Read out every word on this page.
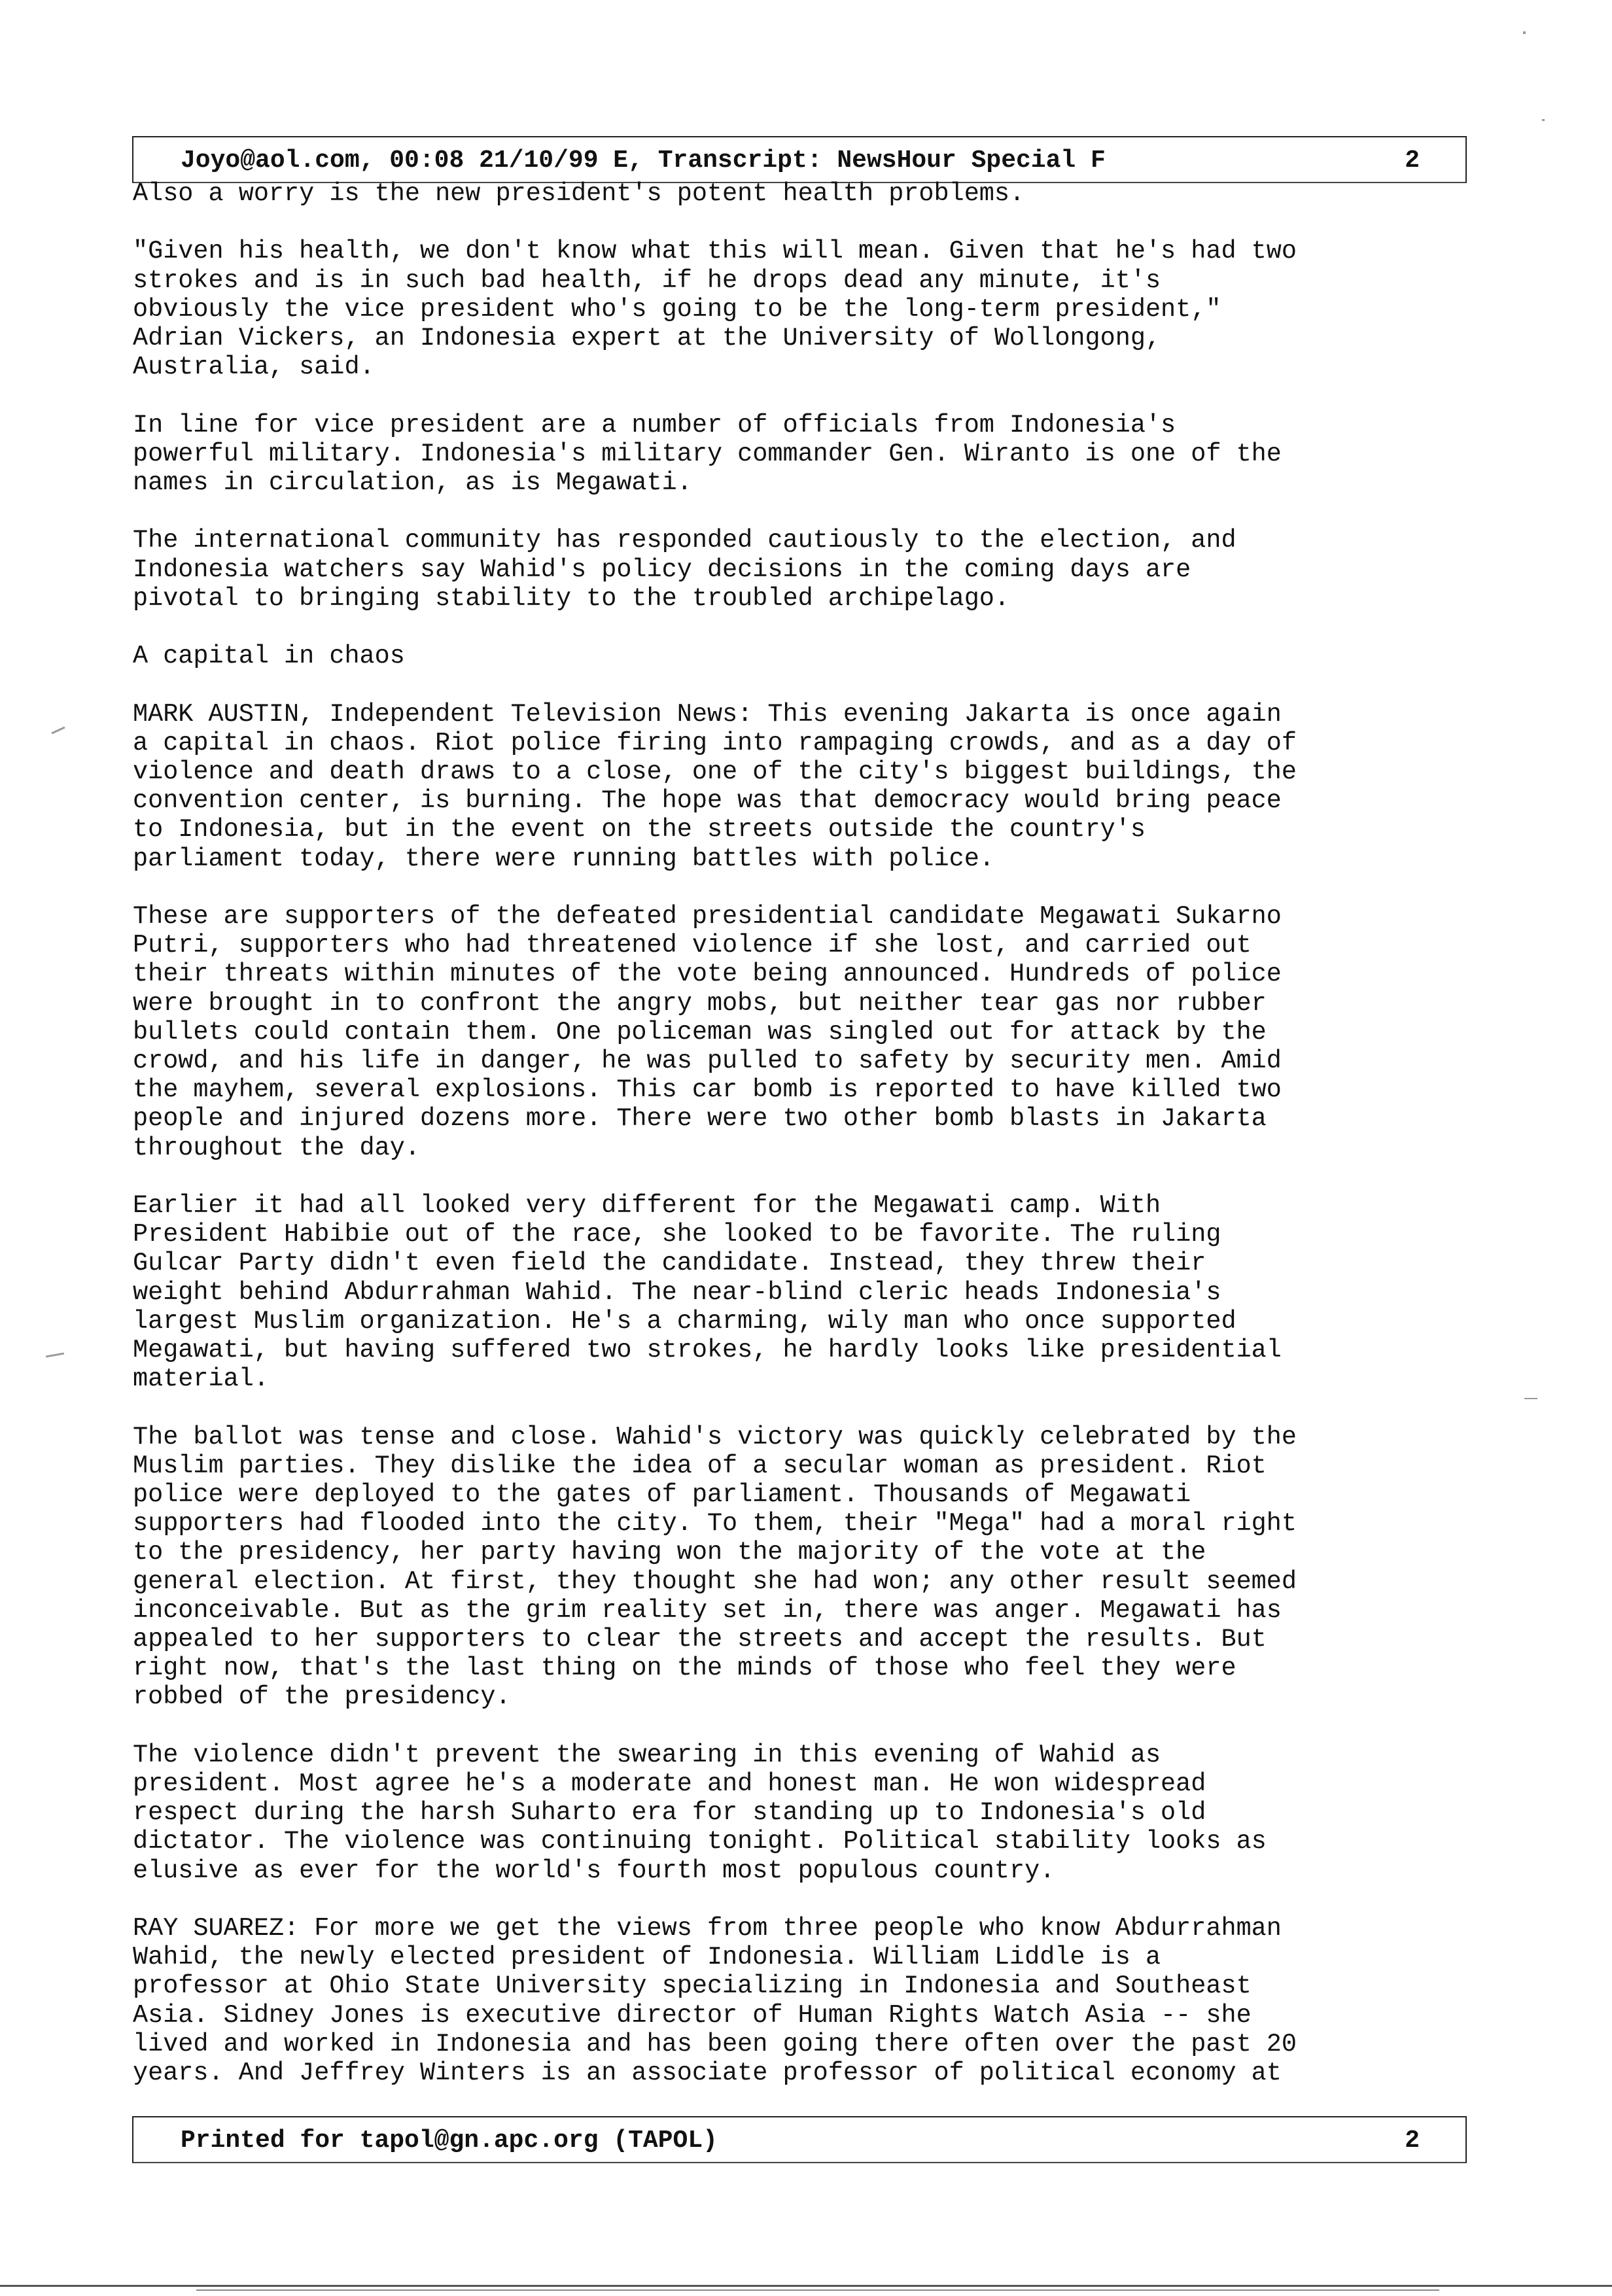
Joyo@aol.com, 00:08 21/10/99 E, Transcript: NewsHour Special F	2

Also a worry is the new president's potent health problems.

"Given his health, we don't know what this will mean. Given that he's had two
strokes and is in such bad health, if he drops dead any minute, it's
obviously the vice president who's going to be the long-term president,"
Adrian Vickers, an Indonesia expert at the University of Wollongong,
Australia, said.

In line for vice president are a number of officials from Indonesia's
powerful military. Indonesia's military commander Gen. Wiranto is one of the
names in circulation, as is Megawati.

The international community has responded cautiously to the election, and
Indonesia watchers say Wahid's policy decisions in the coming days are
pivotal to bringing stability to the troubled archipelago.

A capital in chaos

MARK AUSTIN, Independent Television News: This evening Jakarta is once again
a capital in chaos. Riot police firing into rampaging crowds, and as a day of
violence and death draws to a close, one of the city's biggest buildings, the
convention center, is burning. The hope was that democracy would bring peace
to Indonesia, but in the event on the streets outside the country's
parliament today, there were running battles with police.

These are supporters of the defeated presidential candidate Megawati Sukarno
Putri, supporters who had threatened violence if she lost, and carried out
their threats within minutes of the vote being announced. Hundreds of police
were brought in to confront the angry mobs, but neither tear gas nor rubber
bullets could contain them. One policeman was singled out for attack by the
crowd, and his life in danger, he was pulled to safety by security men. Amid
the mayhem, several explosions. This car bomb is reported to have killed two
people and injured dozens more. There were two other bomb blasts in Jakarta
throughout the day.

Earlier it had all looked very different for the Megawati camp. With
President Habibie out of the race, she looked to be favorite. The ruling
Gulcar Party didn't even field the candidate. Instead, they threw their
weight behind Abdurrahman Wahid. The near-blind cleric heads Indonesia's
largest Muslim organization. He's a charming, wily man who once supported
Megawati, but having suffered two strokes, he hardly looks like presidential
material.

The ballot was tense and close. Wahid's victory was quickly celebrated by the
Muslim parties. They dislike the idea of a secular woman as president. Riot
police were deployed to the gates of parliament. Thousands of Megawati
supporters had flooded into the city. To them, their "Mega" had a moral right
to the presidency, her party having won the majority of the vote at the
general election. At first, they thought she had won; any other result seemed
inconceivable. But as the grim reality set in, there was anger. Megawati has
appealed to her supporters to clear the streets and accept the results. But
right now, that's the last thing on the minds of those who feel they were
robbed of the presidency.

The violence didn't prevent the swearing in this evening of Wahid as
president. Most agree he's a moderate and honest man. He won widespread
respect during the harsh Suharto era for standing up to Indonesia's old
dictator. The violence was continuing tonight. Political stability looks as
elusive as ever for the world's fourth most populous country.

RAY SUAREZ: For more we get the views from three people who know Abdurrahman
Wahid, the newly elected president of Indonesia. William Liddle is a
professor at Ohio State University specializing in Indonesia and Southeast
Asia. Sidney Jones is executive director of Human Rights Watch Asia -- she
lived and worked in Indonesia and has been going there often over the past 20
years. And Jeffrey Winters is an associate professor of political economy at

Printed for tapol@gn.apc.org (TAPOL)	2
